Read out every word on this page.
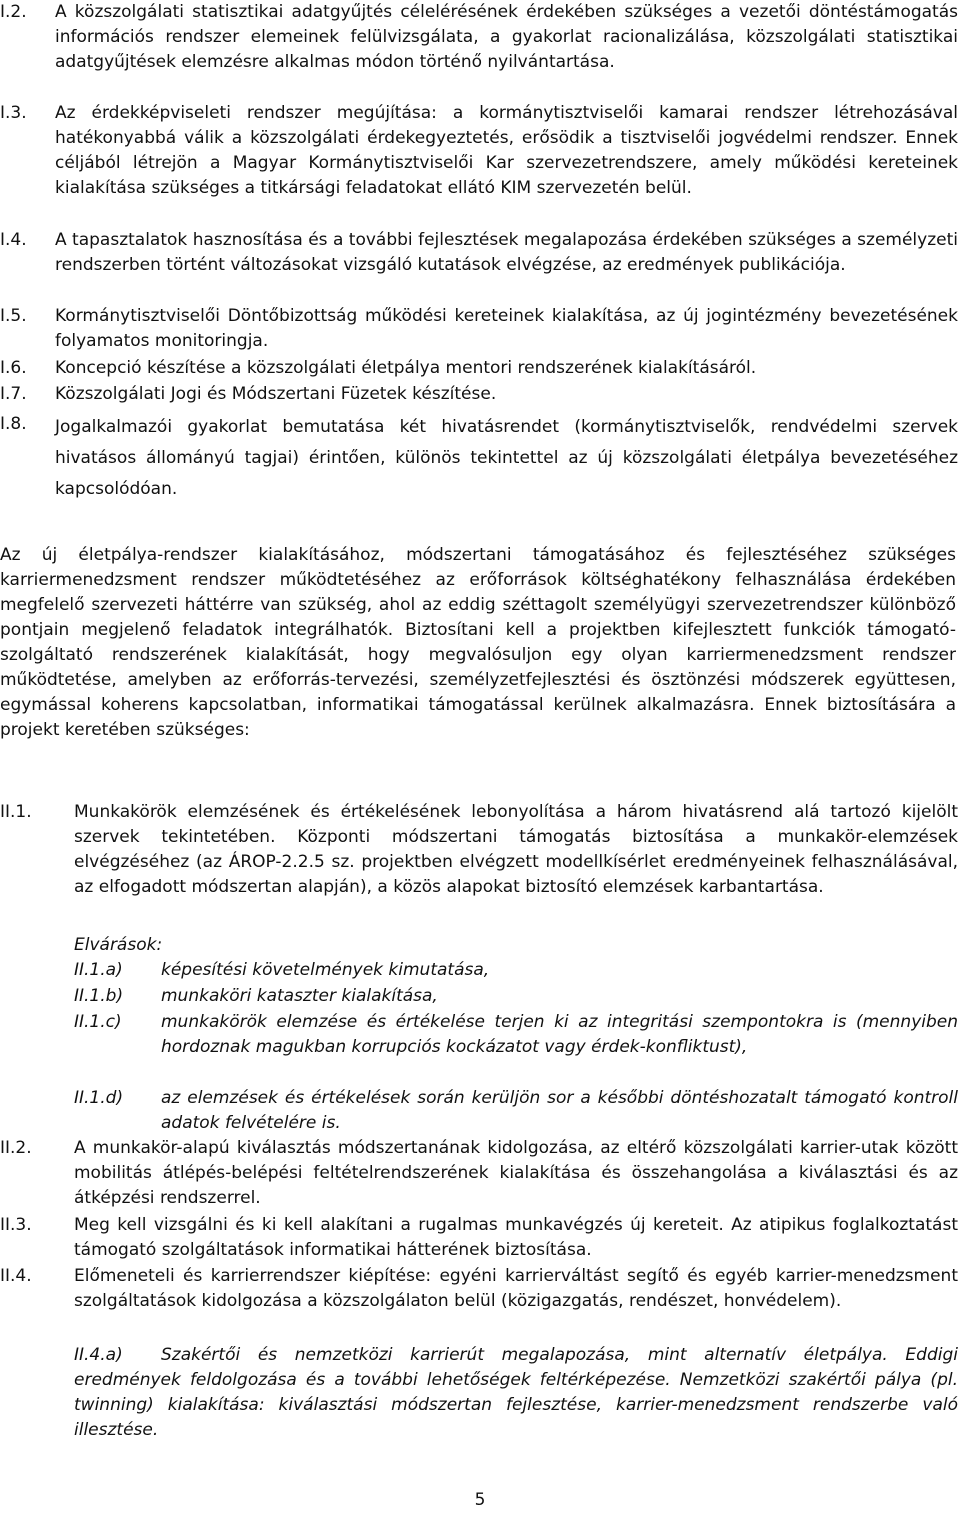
I.2. A közszolgálati statisztikai adatgyűjtés célelérésének érdekében szükséges a vezetői döntéstámogatás információs rendszer elemeinek felülvizsgálata, a gyakorlat racionalizálása, közszolgálati statisztikai adatgyűjtések elemzésre alkalmas módon történő nyilvántartása.
I.3. Az érdekképviseleti rendszer megújítása: a kormánytisztviselői kamarai rendszer létrehozásával hatékonyabbá válik a közszolgálati érdekegyeztetés, erősödik a tisztviselői jogvédelmi rendszer. Ennek céljából létrejön a Magyar Kormánytisztviselői Kar szervezetrendszere, amely működési kereteinek kialakítása szükséges a titkársági feladatokat ellátó KIM szervezetén belül.
I.4. A tapasztalatok hasznosítása és a további fejlesztések megalapozása érdekében szükséges a személyzeti rendszerben történt változásokat vizsgáló kutatások elvégzése, az eredmények publikációja.
I.5. Kormánytisztviselői Döntőbizottság működési kereteinek kialakítása, az új jogintézmény bevezetésének folyamatos monitoringja.
I.6. Koncepció készítése a közszolgálati életpálya mentori rendszerének kialakításáról.
I.7. Közszolgálati Jogi és Módszertani Füzetek készítése.
I.8. Jogalkalmazói gyakorlat bemutatása két hivatásrendet (kormánytisztviselők, rendvédelmi szervek hivatásos állományú tagjai) érintően, különös tekintettel az új közszolgálati életpálya bevezetéséhez kapcsolódóan.
Az új életpálya-rendszer kialakításához, módszertani támogatásához és fejlesztéséhez szükséges karriermenedzsment rendszer működtetéséhez az erőforrások költséghatékony felhasználása érdekében megfelelő szervezeti háttérre van szükség, ahol az eddig széttagolt személyügyi szervezetrendszer különböző pontjain megjelenő feladatok integrálhatók. Biztosítani kell a projektben kifejlesztett funkciók támogató-szolgáltató rendszerének kialakítását, hogy megvalósuljon egy olyan karriermenedzsment rendszer működtetése, amelyben az erőforrás-tervezési, személyzetfejlesztési és ösztönzési módszerek együttesen, egymással koherens kapcsolatban, informatikai támogatással kerülnek alkalmazásra. Ennek biztosítására a projekt keretében szükséges:
II.1. Munkakörök elemzésének és értékelésének lebonyolítása a három hivatásrend alá tartozó kijelölt szervek tekintetében. Központi módszertani támogatás biztosítása a munkakör-elemzések elvégzéséhez (az ÁROP-2.2.5 sz. projektben elvégzett modellkísérlet eredményeinek felhasználásával, az elfogadott módszertan alapján), a közös alapokat biztosító elemzések karbantartása.
Elvárások:
II.1.a) képesítési követelmények kimutatása,
II.1.b) munkaköri kataszter kialakítása,
II.1.c) munkakörök elemzése és értékelése terjen ki az integritási szempontokra is (mennyiben hordoznak magukban korrupciós kockázatot vagy érdek-konfliktust),
II.1.d) az elemzések és értékelések során kerüljön sor a későbbi döntéshozatalt támogató kontroll adatok felvételére is.
II.2. A munkakör-alapú kiválasztás módszertanának kidolgozása, az eltérő közszolgálati karrier-utak között mobilitás átlépés-belépési feltételrendszerének kialakítása és összehangolása a kiválasztási és az átképzési rendszerrel.
II.3. Meg kell vizsgálni és ki kell alakítani a rugalmas munkavégzés új kereteit. Az atipikus foglalkoztatást támogató szolgáltatások informatikai hátterének biztosítása.
II.4. Előmeneteli és karrierrendszer kiépítése: egyéni karrierváltást segítő és egyéb karrier-menedzsment szolgáltatások kidolgozása a közszolgálaton belül (közigazgatás, rendészet, honvédelem).
II.4.a)	Szakértői és nemzetközi karrierút megalapozása, mint alternatív életpálya. Eddigi eredmények feldolgozása és a további lehetőségek feltérképezése. Nemzetközi szakértői pálya (pl. twinning) kialakítása: kiválasztási módszertan fejlesztése, karrier-menedzsment rendszerbe való illesztése.
5
